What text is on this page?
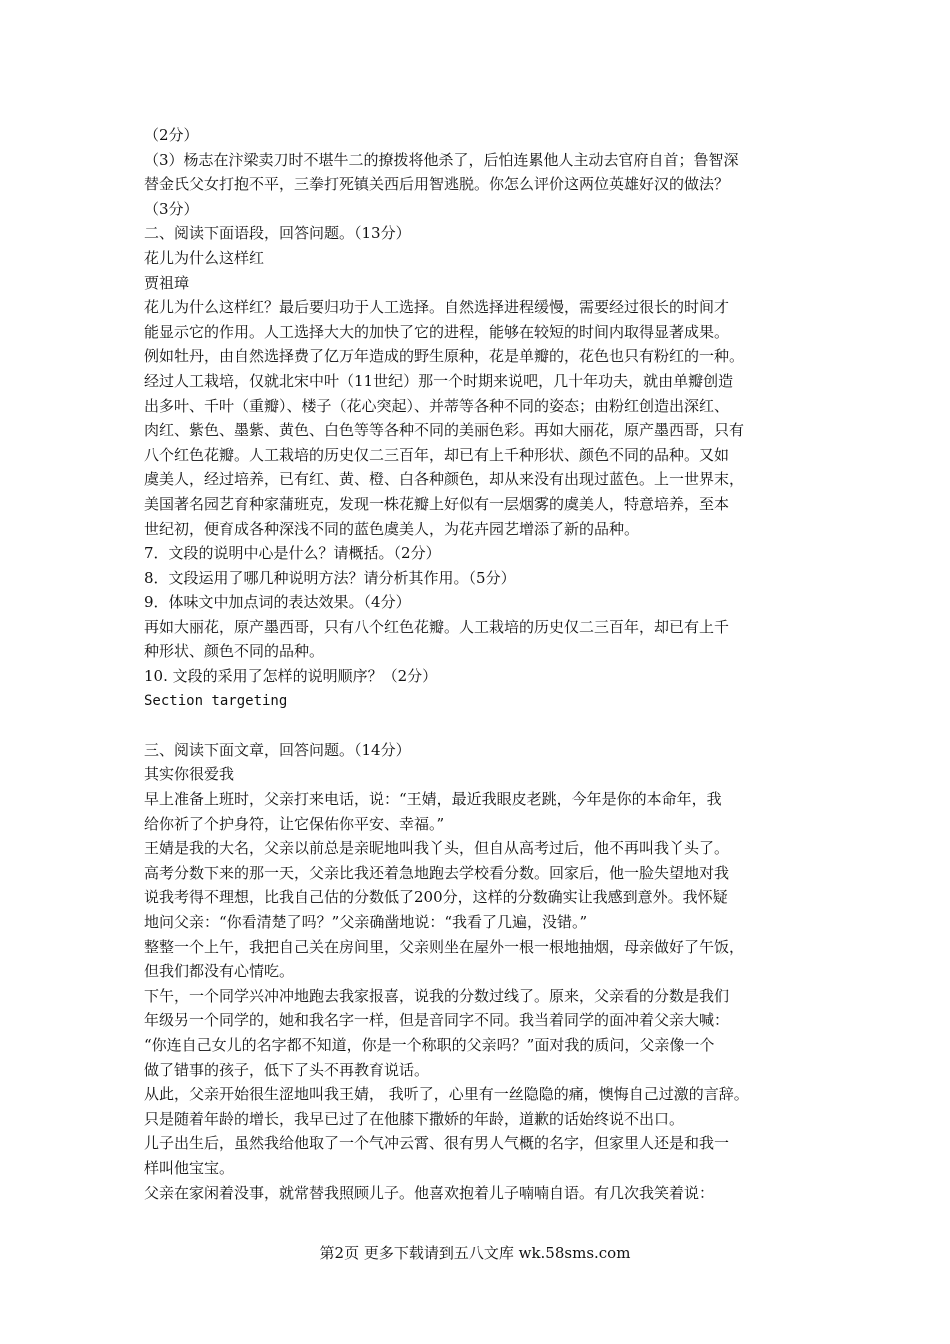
（2分）
（3）杨志在汴梁卖刀时不堪牛二的撩拨将他杀了，后怕连累他人主动去官府自首；鲁智深
替金氏父女打抱不平，三拳打死镇关西后用智逃脱。你怎么评价这两位英雄好汉的做法？
（3分）
二、阅读下面语段，回答问题。（13分）
花儿为什么这样红
贾祖璋
花儿为什么这样红？最后要归功于人工选择。自然选择进程缓慢，需要经过很长的时间才
能显示它的作用。人工选择大大的加快了它的进程，能够在较短的时间内取得显著成果。
例如牡丹，由自然选择费了亿万年造成的野生原种，花是单瓣的，花色也只有粉红的一种。
经过人工栽培，仅就北宋中叶（11世纪）那一个时期来说吧，几十年功夫，就由单瓣创造
出多叶、千叶（重瓣）、楼子（花心突起）、并蒂等各种不同的姿态；由粉红创造出深红、
肉红、紫色、墨紫、黄色、白色等等各种不同的美丽色彩。再如大丽花，原产墨西哥，只有
八个红色花瓣。人工栽培的历史仅二三百年，却已有上千种形状、颜色不同的品种。又如
虞美人，经过培养，已有红、黄、橙、白各种颜色，却从来没有出现过蓝色。上一世界末，
美国著名园艺育种家蒲班克，发现一株花瓣上好似有一层烟雾的虞美人，特意培养，至本
世纪初，便育成各种深浅不同的蓝色虞美人，为花卉园艺增添了新的品种。
7．文段的说明中心是什么？请概括。（2分）
8．文段运用了哪几种说明方法？请分析其作用。（5分）
9．体味文中加点词的表达效果。（4分）
再如大丽花，原产墨西哥，只有八个红色花瓣。人工栽培的历史仅二三百年，却已有上千
种形状、颜色不同的品种。
10. 文段的采用了怎样的说明顺序？（2分）
Section targeting
三、阅读下面文章，回答问题。（14分）
其实你很爱我
早上准备上班时，父亲打来电话，说：“王婧，最近我眼皮老跳，今年是你的本命年，我
给你祈了个护身符，让它保佑你平安、幸福。”
王婧是我的大名，父亲以前总是亲昵地叫我丫头，但自从高考过后，他不再叫我丫头了。
高考分数下来的那一天，父亲比我还着急地跑去学校看分数。回家后，他一脸失望地对我
说我考得不理想，比我自己估的分数低了200分，这样的分数确实让我感到意外。我怀疑
地问父亲：“你看清楚了吗？”父亲确凿地说：“我看了几遍，没错。”
整整一个上午，我把自己关在房间里，父亲则坐在屋外一根一根地抽烟，母亲做好了午饭，
但我们都没有心情吃。
下午，一个同学兴冲冲地跑去我家报喜，说我的分数过线了。原来，父亲看的分数是我们
年级另一个同学的，她和我名字一样，但是音同字不同。我当着同学的面冲着父亲大喊：
“你连自己女儿的名字都不知道，你是一个称职的父亲吗？”面对我的质问，父亲像一个
做了错事的孩子，低下了头不再教育说话。
从此，父亲开始很生涩地叫我王婧， 我听了，心里有一丝隐隐的痛，懊悔自己过激的言辞。
只是随着年龄的增长，我早已过了在他膝下撒娇的年龄，道歉的话始终说不出口。
儿子出生后，虽然我给他取了一个气冲云霄、很有男人气概的名字，但家里人还是和我一
样叫他宝宝。
父亲在家闲着没事，就常替我照顾儿子。他喜欢抱着儿子喃喃自语。有几次我笑着说：
第2页 更多下载请到五八文库 wk.58sms.com
